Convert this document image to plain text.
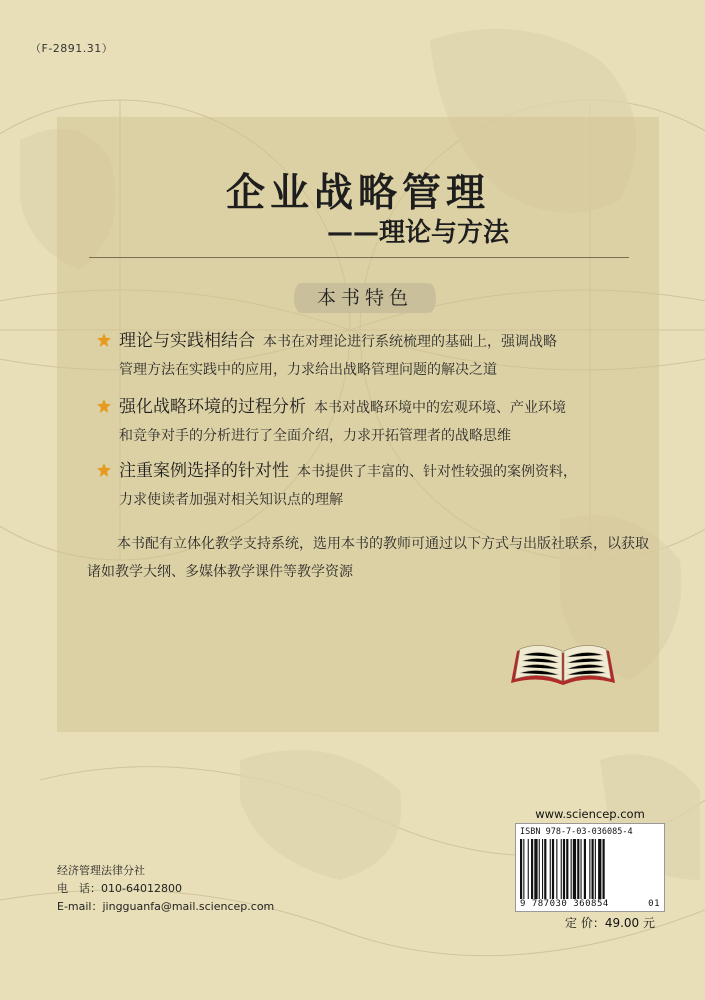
（F-2891.31）
企业战略管理
——理论与方法
本书特色
理论与实践相结合 本书在对理论进行系统梳理的基础上，强调战略
管理方法在实践中的应用，力求给出战略管理问题的解决之道
强化战略环境的过程分析 本书对战略环境中的宏观环境、产业环境
和竞争对手的分析进行了全面介绍，力求开拓管理者的战略思维
注重案例选择的针对性 本书提供了丰富的、针对性较强的案例资料，
力求使读者加强对相关知识点的理解
本书配有立体化教学支持系统，选用本书的教师可通过以下方式与出版社联系，以获取诸如教学大纲、多媒体教学课件等教学资源
经济管理法律分社
电　话：010-64012800
E-mail：jingguanfa@mail.sciencep.com
www.sciencep.com
ISBN 978-7-03-036085-4
9 787030 360854	01
定 价：49.00 元
